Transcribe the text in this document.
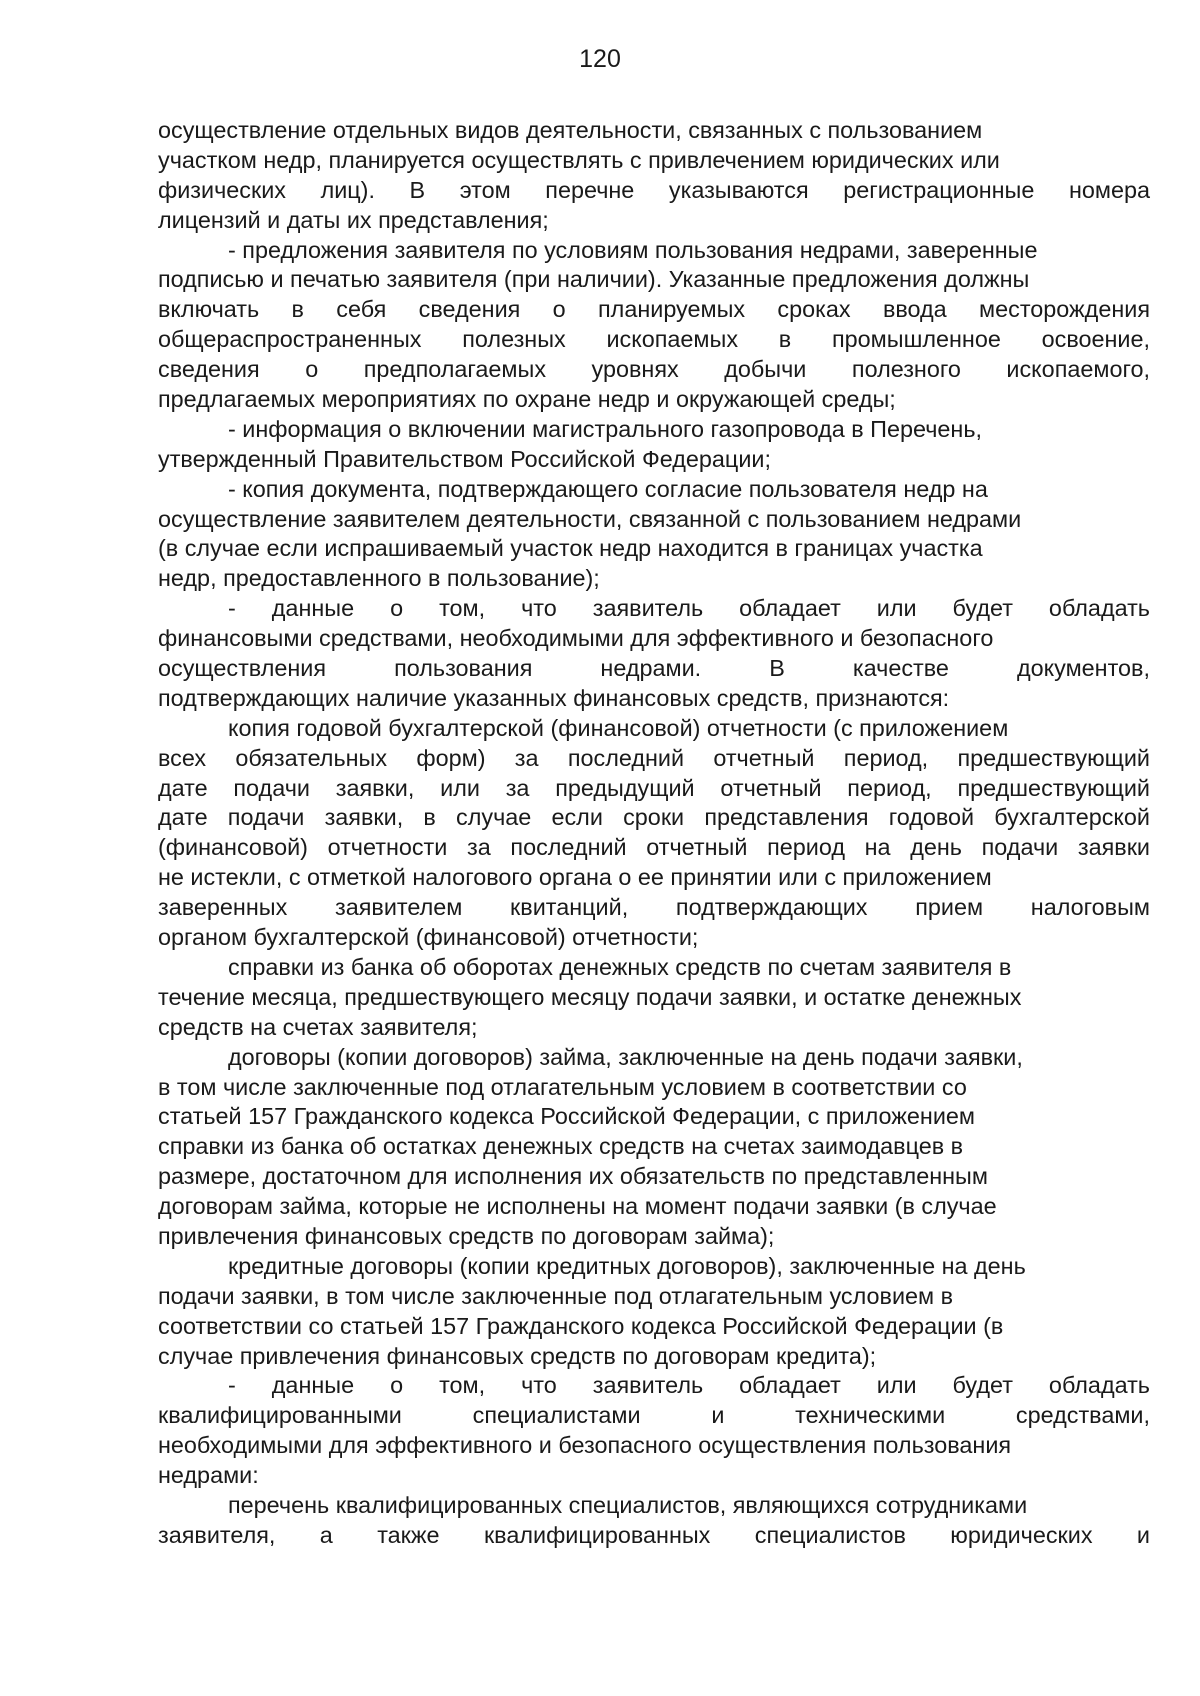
120
осуществление отдельных видов деятельности, связанных с пользованием
участком недр, планируется осуществлять с привлечением юридических или
физических лиц). В этом перечне указываются регистрационные номера
лицензий и даты их представления;
- предложения заявителя по условиям пользования недрами, заверенные
подписью и печатью заявителя (при наличии). Указанные предложения должны
включать в себя сведения о планируемых сроках ввода месторождения
общераспространенных полезных ископаемых в промышленное освоение,
сведения о предполагаемых уровнях добычи полезного ископаемого,
предлагаемых мероприятиях по охране недр и окружающей среды;
- информация о включении магистрального газопровода в Перечень,
утвержденный Правительством Российской Федерации;
- копия документа, подтверждающего согласие пользователя недр на
осуществление заявителем деятельности, связанной с пользованием недрами
(в случае если испрашиваемый участок недр находится в границах участка
недр, предоставленного в пользование);
- данные о том, что заявитель обладает или будет обладать
финансовыми средствами, необходимыми для эффективного и безопасного
осуществления пользования недрами. В качестве документов,
подтверждающих наличие указанных финансовых средств, признаются:
копия годовой бухгалтерской (финансовой) отчетности (с приложением
всех обязательных форм) за последний отчетный период, предшествующий
дате подачи заявки, или за предыдущий отчетный период, предшествующий
дате подачи заявки, в случае если сроки представления годовой бухгалтерской
(финансовой) отчетности за последний отчетный период на день подачи заявки
не истекли, с отметкой налогового органа о ее принятии или с приложением
заверенных заявителем квитанций, подтверждающих прием налоговым
органом бухгалтерской (финансовой) отчетности;
справки из банка об оборотах денежных средств по счетам заявителя в
течение месяца, предшествующего месяцу подачи заявки, и остатке денежных
средств на счетах заявителя;
договоры (копии договоров) займа, заключенные на день подачи заявки,
в том числе заключенные под отлагательным условием в соответствии со
статьей 157 Гражданского кодекса Российской Федерации, с приложением
справки из банка об остатках денежных средств на счетах заимодавцев в
размере, достаточном для исполнения их обязательств по представленным
договорам займа, которые не исполнены на момент подачи заявки (в случае
привлечения финансовых средств по договорам займа);
кредитные договоры (копии кредитных договоров), заключенные на день
подачи заявки, в том числе заключенные под отлагательным условием в
соответствии со статьей 157 Гражданского кодекса Российской Федерации (в
случае привлечения финансовых средств по договорам кредита);
- данные о том, что заявитель обладает или будет обладать
квалифицированными специалистами и техническими средствами,
необходимыми для эффективного и безопасного осуществления пользования
недрами:
перечень квалифицированных специалистов, являющихся сотрудниками
заявителя, а также квалифицированных специалистов юридических и
